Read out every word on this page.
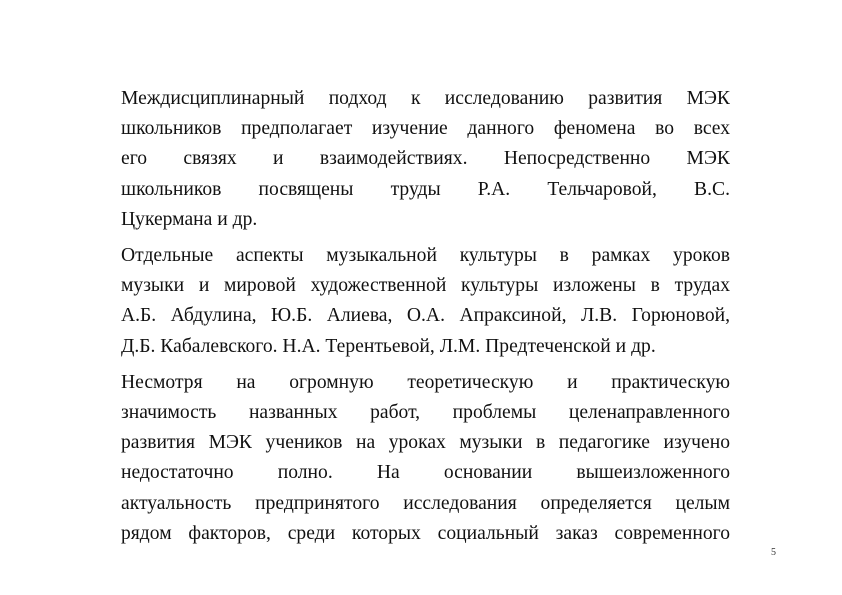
Междисциплинарный подход к исследованию развития МЭК
школьников предполагает изучение данного феномена во всех
его связях и взаимодействиях. Непосредственно МЭК
школьников посвящены труды Р.А. Тельчаровой, В.С.
Цукермана и др.

Отдельные аспекты музыкальной культуры в рамках уроков
музыки и мировой художественной культуры изложены в трудах
А.Б. Абдулина, Ю.Б. Алиева, О.А. Апраксиной, Л.В. Горюновой,
Д.Б. Кабалевского. Н.А. Терентьевой, Л.М. Предтеченской и др.

Несмотря на огромную теоретическую и практическую
значимость названных работ, проблемы целенаправленного
развития МЭК учеников на уроках музыки в педагогике изучено
недостаточно полно. На основании вышеизложенного
актуальность предпринятого исследования определяется целым
рядом факторов, среди которых социальный заказ современного

5
